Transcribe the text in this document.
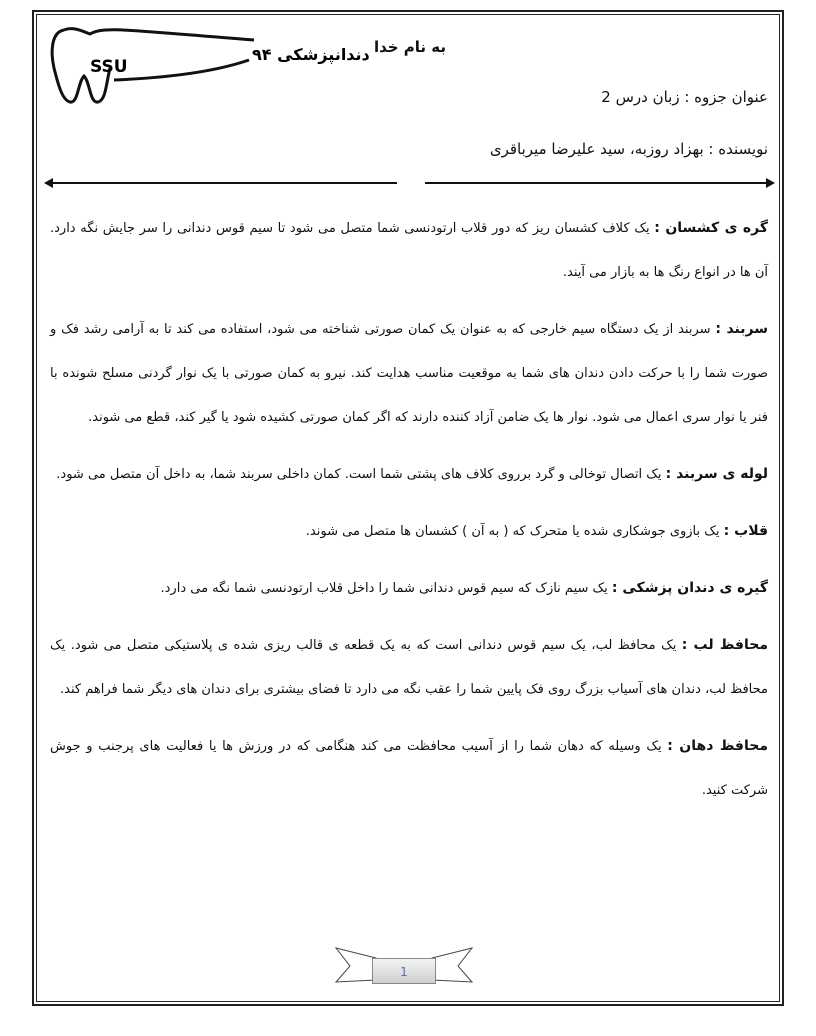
دندانپزشکی ۹۴
SSU
به نام خدا
عنوان جزوه : زبان درس 2
نویسنده : بهزاد روزبه، سید علیرضا میرباقری

گره ی کشسان : یک کلاف کشسان ریز که دور قلاب ارتودنسی شما متصل می شود تا سیم قوس دندانی را سر جایش نگه دارد. آن ها در انواع رنگ ها به بازار می آیند.

سربند : سربند از یک دستگاه سیم خارجی که به عنوان یک کمان صورتی شناخته می شود، استفاده می کند تا به آرامی رشد فک و صورت شما را با حرکت دادن دندان های شما به موقعیت مناسب هدایت کند. نیرو به کمان صورتی با یک نوار گردنی مسلح شونده با فنر یا نوار سری اعمال می شود. نوار ها یک ضامن آزاد کننده دارند که اگر کمان صورتی کشیده شود یا گیر کند، قطع می شوند.

لوله ی سربند : یک اتصال توخالی و گرد برروی کلاف های پشتی شما است. کمان داخلی سربند شما، به داخل آن متصل می شود.

قلاب : یک بازوی جوشکاری شده یا متحرک که ( به آن ) کشسان ها متصل می شوند.

گیره ی دندان پزشکی : یک سیم نازک که سیم قوس دندانی شما را داخل قلاب ارتودنسی شما نگه می دارد.

محافظ لب : یک محافظ لب، یک سیم قوس دندانی است که به یک قطعه ی قالب ریزی شده ی پلاستیکی متصل می شود. یک محافظ لب، دندان های آسیاب بزرگ روی فک پایین شما را عقب نگه می دارد تا فضای بیشتری برای دندان های دیگر شما فراهم کند.

محافظ دهان : یک وسیله که دهان شما را از آسیب محافظت می کند هنگامی که در ورزش ها یا فعالیت های پرجنب و جوش شرکت کنید.

1
